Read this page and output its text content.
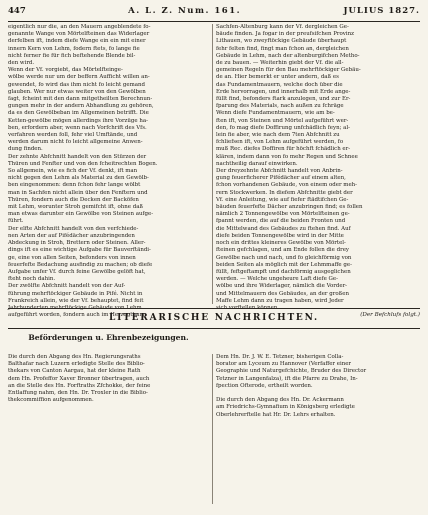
447	A. L. Z. Num. 161.	JULIUS 1827.
eigentlich nur die, an den Mauern angeblendete fo-
genannte Wange von Mörtelfteinen das Widerlager
derfelben ift, indem diefe Wange ein ein mit einer
innern Kern von Lehm, fodern ftets, fo lange fie
nicht ferner fie für fich beftehende Blende bil-
den wird.
Wenn der Vf. vorgiebt, das Mörtelfteinge-
wölbe werde nur um der beffern Aufficht willen an-
gewendet, fo wird das ihm nicht fo leicht gemand
glauben. Wer nur etwas weiter von den Gewölben
fagt, fcheint mit den dann mitgetheilten Berechnun-
gungen mehr in der andern Abhandlung zu gehören,
da es den Gewölbeban im Allgemeinen betrifft. Die
Ketten-gewölbe mögen allerdings ihre Vorzüge ha-
ben, erfordern aber, wenn nach Vorfchrift des Vfs.
verfahren werden foll, fehr viel Umftände, und
werden darum nicht fo leicht allgemeine Anwen-
dung finden.
Der zehnte Abfchnitt handelt von den Stürzen der
Thüren und Fenfter und von den fcheitrechten Bogen.
So allgemein, wie es fich der Vf. denkt, ift man
nicht gegen den Lehm als Material zu den Gewölb-
ben eingenommen: denn fchon fehr lange wölbt
man in Sachfen nicht allein über den Fenftern und
Thüren, fondern auch die Decken der Backöfen
mit Lehm, worunter Stroh gemifcht ift, ohne daß
man etwas darunter ein Gewölbe von Steinen aufge-
führt.
Der elfte Abfchnitt handelt von den verfchiede-
nen Arten der auf Pifédächer anzubringenden
Abdeckung in Stroh, Brettern oder Steinen. Aller-
dings ift es eine wichtige Aufgabe für Bauverftändi-
ge, eine von allen Seiten, befonders von innen
feuerfefte Bedachung ausfindig zu machen; ob diefe
Aufgabe unfer Vf. durch feine Gewölbe gelöft hat,
fteht noch dahin.
Der zwölfte Abfchnitt handelt von der Auf-
führung mehrftöckiger Gebäude in Pifé. Nicht in
Frankreich allein, wie der Vf. behauptet, find feit
aufgeführt worden, fondern auch im Herzogthum
Sachfen-Altenburg kann der Vf. dergleichen Ge-
bäude finden. Ja fogar in der preufsifchen Provinz
Lithauen, wo zweyftöckige Gebäude überhaupt
fehr felten find, fingt man fchon an, dergleichen
Gebäude in Lehm, nach der altenburgifchen Metho-
de zu bauen. — Weiterhin giebt der Vf. die all-
gemeinen Regeln für den Bau mehrftöckiger Gebäu-
de an. Hier bemerkt er unter andern, daß es
das Fundamentmauern, welche doch über die
Erde hervorragen, und innerhalb mit Erde ange-
füllt find, befonders ftark anzulegen, und zur Er-
fparung des Materials, nach außen zu fchräge
Wenn diefe Fundamentmauern, wie am be-
ften ift, von Steinen und Mörtel aufgeführt wer-
den, fo mag diefe Doffirung unfchädlich feyn; al-
lein fie aber, wie nach dem 7ten Abfchnitt zu
fchliefsen ift, von Lehm aufgeführt werden, fo
muß Rec. diefes Doffiren für höchft fchädlich er-
klären, indem dann von fo mehr Regen und Schnee
nachtheilig darauf einwirken.
Der dreyzehnte Abfchnitt handelt von Anbrin-
gung feuerficherer Pifédächer auf einem alten,
fchon vorhandenen Gebäude, von einem oder meh-
rern Stockwerken. In diefem Abfchnitte giebt der
Vf. eine Anleitung, wie auf fiefer ftädtifchen Ge-
bäuden feuerfefte Dächer anzubringen find; es follen
nämlich 2 Tonnengewölbe von Mörtelfteinen ge-
fpannt werden, die auf die beiden Fronten und
die Mittelwand des Gebäudes zu ftehen find. Auf
diefe beiden Tonnengewölbe wird in der Mitte
noch ein drittes kleineres Gewölbe von Mörtel-
fteinen gefchlagen, und am Ende follen die drey
Gewölbe nach und nach, und fo gleichförmig von
beiden Seiten als möglich mit der Lehmmaffe ge-
füllt, feftgeftampft und dachförmig ausgeglichen
werden. — Welche ungeheure Laft diefe Ge-
wölbe und ihre Widerlager, nämlich die Vorder-
und Mittelmauern des Gebäudes, an der großen
Maffe Lehm dann zu tragen haben, wird Jeder
(Der Befchlufs folgt.)
LITERARISCHE NACHRICHTEN.
Beförderungen u. Ehrenbezeigungen.
Die durch den Abgang des Hn. Regierungsraths
Balthafar nach Luzern erledigte Stelle des Biblio-
thekars von Canton Aargau, hat der kleine Rath
dem Hn. Profeffor Xaver Bronner übertragen, auch
an die Stelle des Hn. Forftraths Zfchokke, der feine
Entlaffung nahm, den Hn. Dr. Troxler in die Biblio-
thekcommiffion aufgenommen.
Dem Hn. Dr. J. W. E. Tetzner, bisherigen Colla-
borator am Lyceum zu Hannover (Verfaffer einer
Geographie und Naturgefchichte, Bruder des Director
Tetzner in Langenfalza), ift die Pfarre zu Drahe, In-
fpection Ofterode, ertheilt worden.

Die durch den Abgang des Hn. Dr. Ackermann
am Friedrichs-Gymnafium in Königsberg erledigte
Oberlehrerftelle hat Hr. Dr. Lehrs erhalten.
